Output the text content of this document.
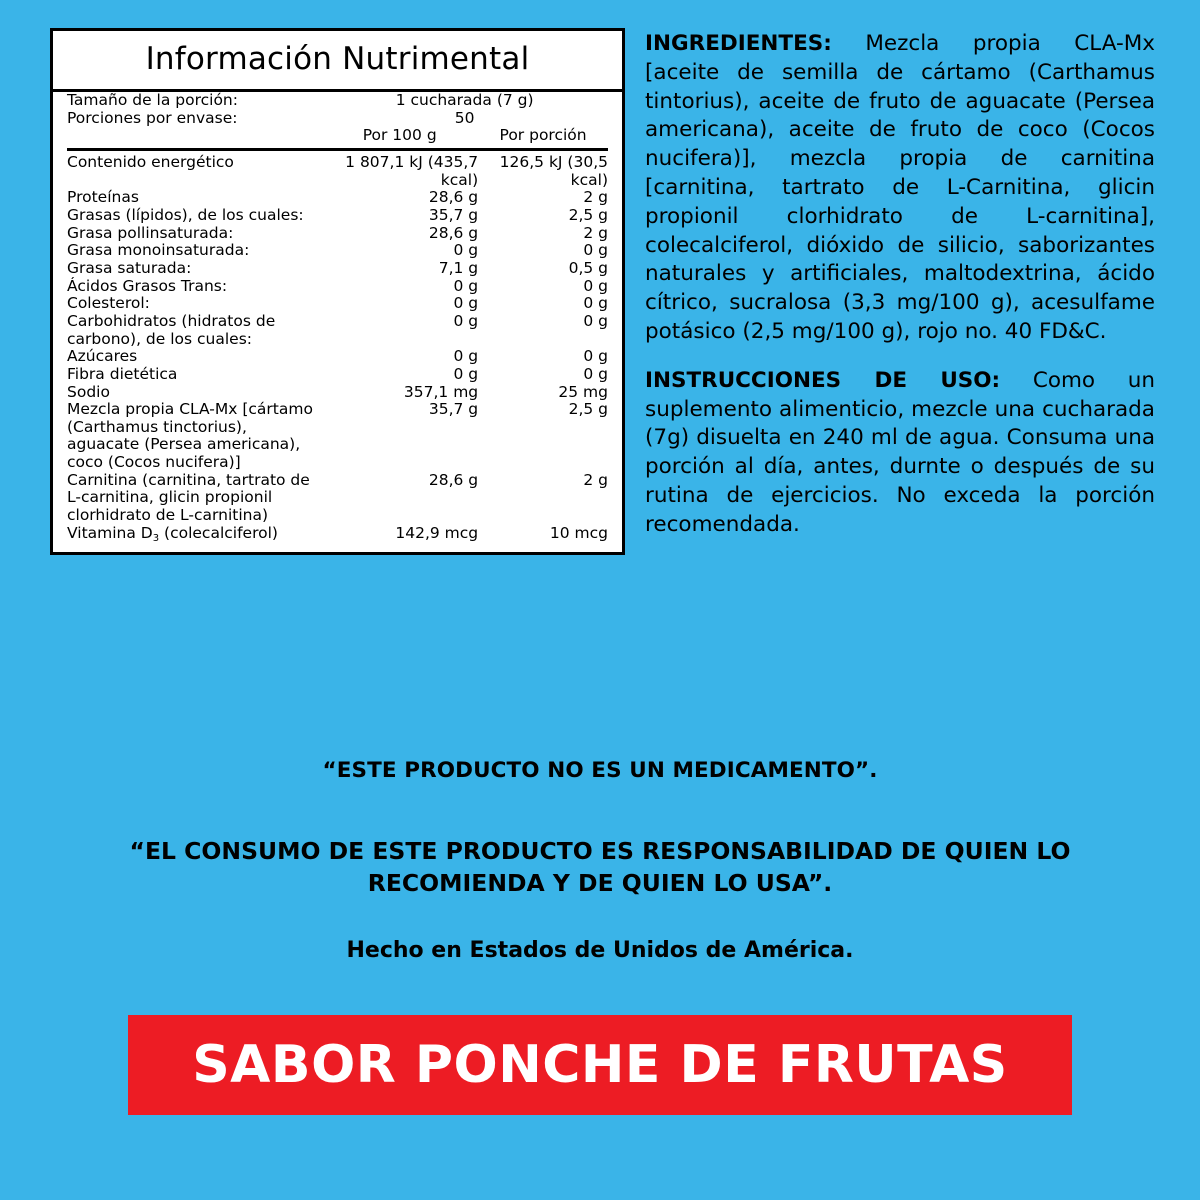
Información Nutrimental
Tamaño de la porción:	1 cucharada (7 g)	
Porciones por envase:	50	
	Por 100 g	Por porción

Contenido energético	1 807,1 kJ (435,7 kcal)	126,5 kJ (30,5 kcal)
Proteínas	28,6 g	2 g
Grasas (lípidos), de los cuales:	35,7 g	2,5 g
Grasa pollinsaturada:	28,6 g	2 g
Grasa monoinsaturada:	0 g	0 g
Grasa saturada:	7,1 g	0,5 g
Ácidos Grasos Trans:	0 g	0 g
Colesterol:	0 g	0 g
Carbohidratos (hidratos de carbono), de los cuales:	0 g	0 g
Azúcares	0 g	0 g
Fibra dietética	0 g	0 g
Sodio	357,1 mg	25 mg
Mezcla propia CLA-Mx [cártamo (Carthamus tinctorius), aguacate (Persea americana), coco (Cocos nucifera)]	35,7 g	2,5 g
Carnitina (carnitina, tartrato de L-carnitina, glicin propionil clorhidrato de L-carnitina)	28,6 g	2 g
Vitamina $D_3$ (colecalciferol)	142,9 mcg	10 mcg

INGREDIENTES: Mezcla propia CLA-Mx [aceite de semilla de cártamo (Carthamus tintorius), aceite de fruto de aguacate (Persea americana), aceite de fruto de coco (Cocos nucifera)], mezcla propia de carnitina [carnitina, tartrato de L-Carnitina, glicin propionil clorhidrato de L-carnitina], colecalciferol, dióxido de silicio, saborizantes naturales y artificiales, maltodextrina, ácido cítrico, sucralosa (3,3 mg/100 g), acesulfame potásico (2,5 mg/100 g), rojo no. 40 FD&C.

INSTRUCCIONES DE USO: Como un suplemento alimenticio, mezcle una cucharada (7g) disuelta en 240 ml de agua. Consuma una porción al día, antes, durnte o después de su rutina de ejercicios. No exceda la porción recomendada.

“ESTE PRODUCTO NO ES UN MEDICAMENTO”.
“EL CONSUMO DE ESTE PRODUCTO ES RESPONSABILIDAD DE QUIEN LO RECOMIENDA Y DE QUIEN LO USA”.
Hecho en Estados de Unidos de América.
SABOR PONCHE DE FRUTAS
